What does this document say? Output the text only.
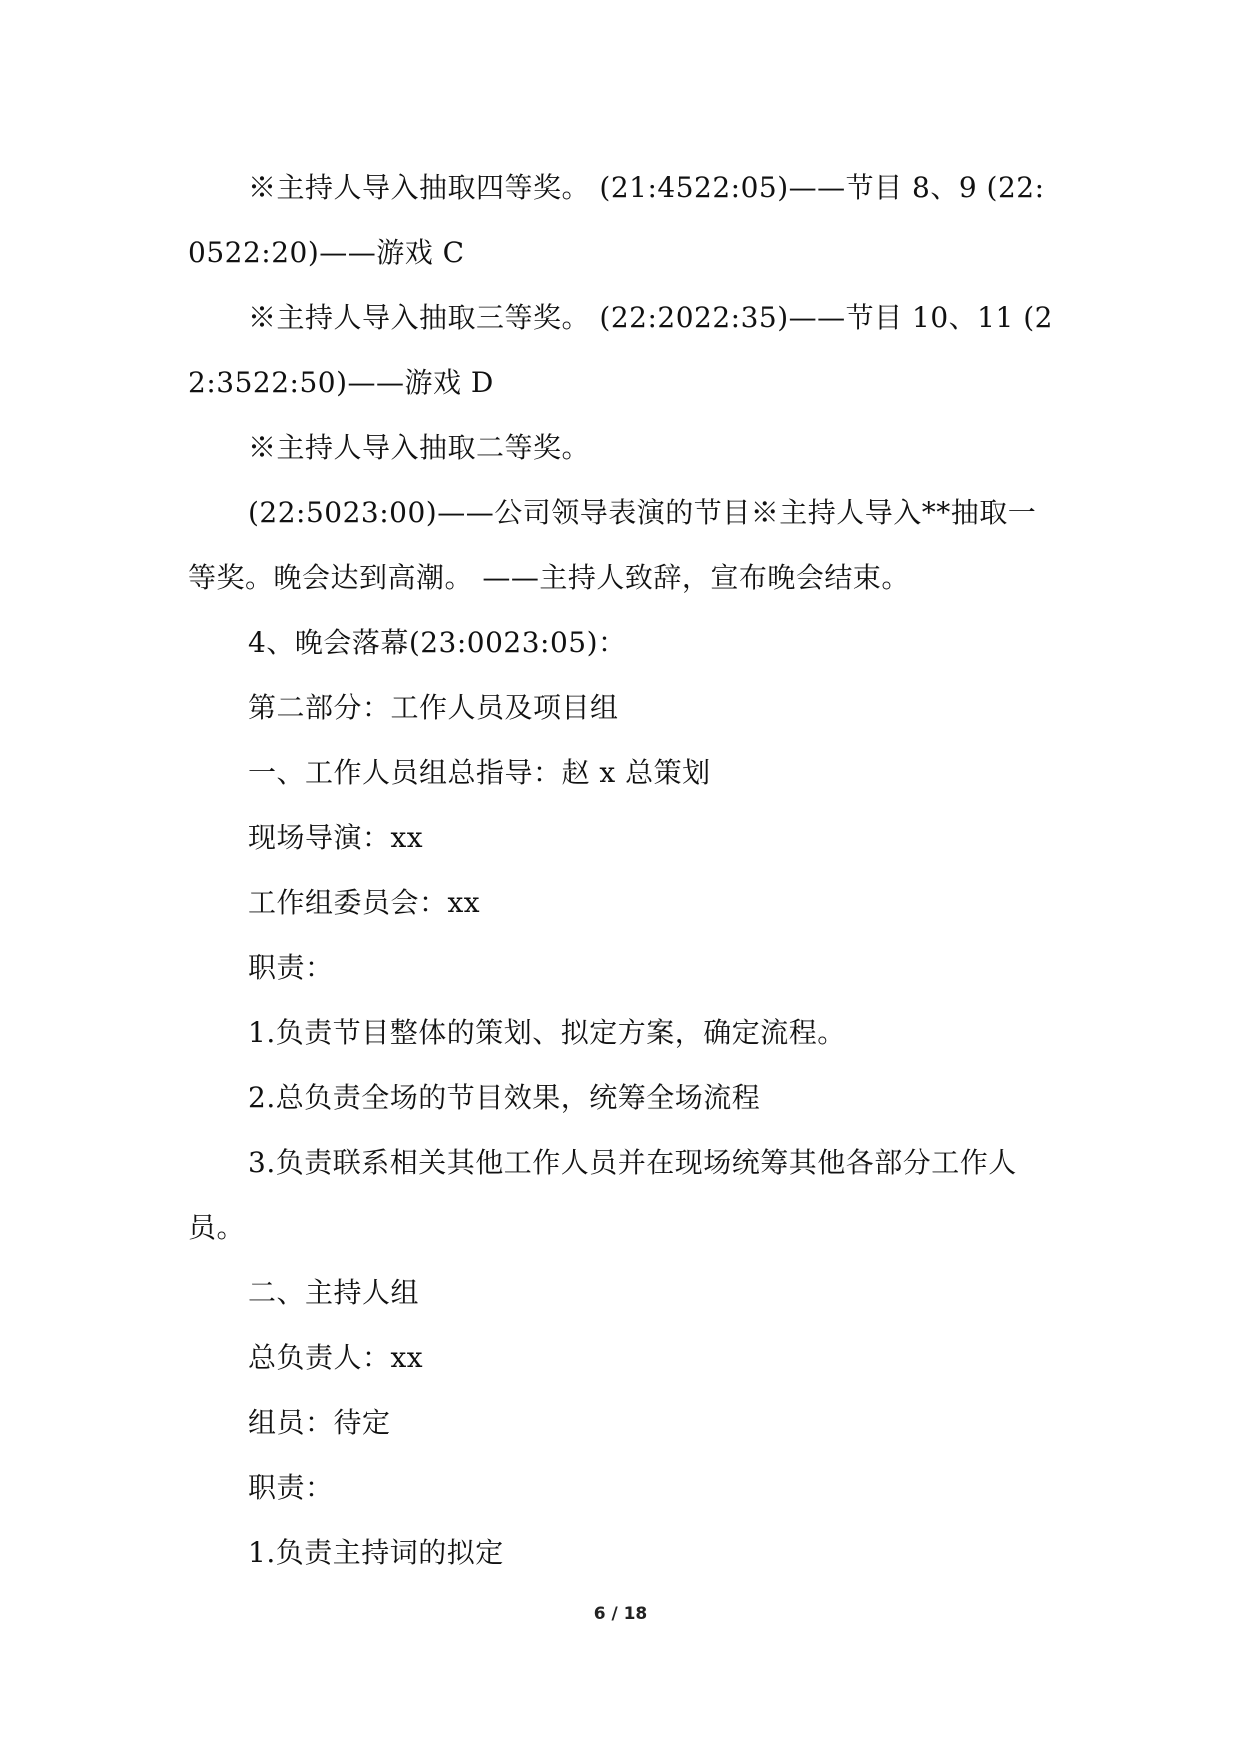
※主持人导入抽取四等奖。 (21:4522:05)——节目 8、9 (22:0522:20)——游戏 C

※主持人导入抽取三等奖。 (22:2022:35)——节目 10、11 (22:3522:50)——游戏 D

※主持人导入抽取二等奖。

(22:5023:00)——公司领导表演的节目※主持人导入**抽取一等奖。晚会达到高潮。 ——主持人致辞，宣布晚会结束。

4、晚会落幕(23:0023:05)：

第二部分：工作人员及项目组

一、工作人员组总指导：赵 x 总策划

现场导演：xx

工作组委员会：xx

职责：

1.负责节目整体的策划、拟定方案，确定流程。

2.总负责全场的节目效果，统筹全场流程

3.负责联系相关其他工作人员并在现场统筹其他各部分工作人员。

二、主持人组

总负责人：xx

组员：待定

职责：

1.负责主持词的拟定

6 / 18
